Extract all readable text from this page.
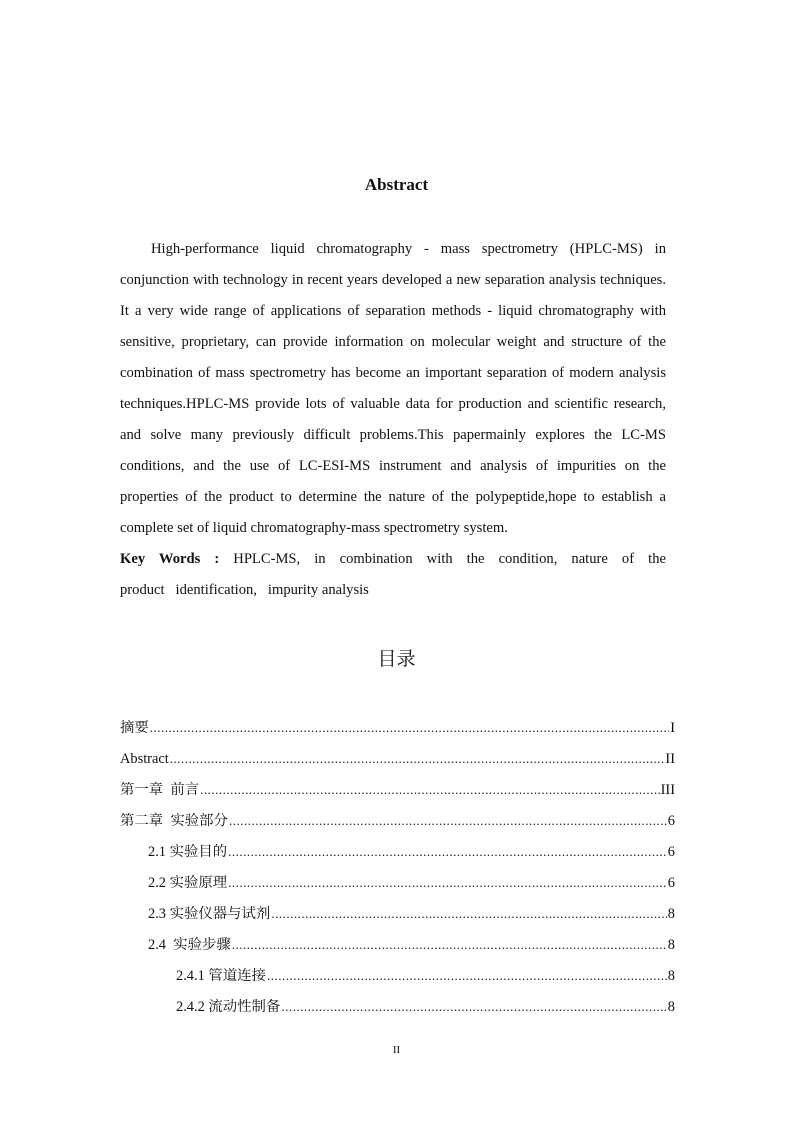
Abstract

High-performance liquid chromatography - mass spectrometry (HPLC-MS) in conjunction with technology in recent years developed a new separation analysis techniques. It a very wide range of applications of separation methods - liquid chromatography with sensitive, proprietary, can provide information on molecular weight and structure of the combination of mass spectrometry has become an important separation of modern analysis techniques.HPLC-MS provide lots of valuable data for production and scientific research, and solve many previously difficult problems.This papermainly explores the LC-MS conditions, and the use of LC-ESI-MS instrument and analysis of impurities on the properties of the product to determine the nature of the polypeptide,hope to establish a complete set of liquid chromatography-mass spectrometry system.

Key Words : HPLC-MS, in combination with the condition, nature of the
product   identification,   impurity analysis
目录
摘要 .....	I
Abstract .....	II
第一章  前言 .....	III
第二章  实验部分 .....	6
2.1 实验目的 .....	6
2.2 实验原理 .....	6
2.3 实验仪器与试剂 .....	8
2.4  实验步骤 .....	8
2.4.1 管道连接 .....	8
2.4.2 流动性制备 .....	8
II
